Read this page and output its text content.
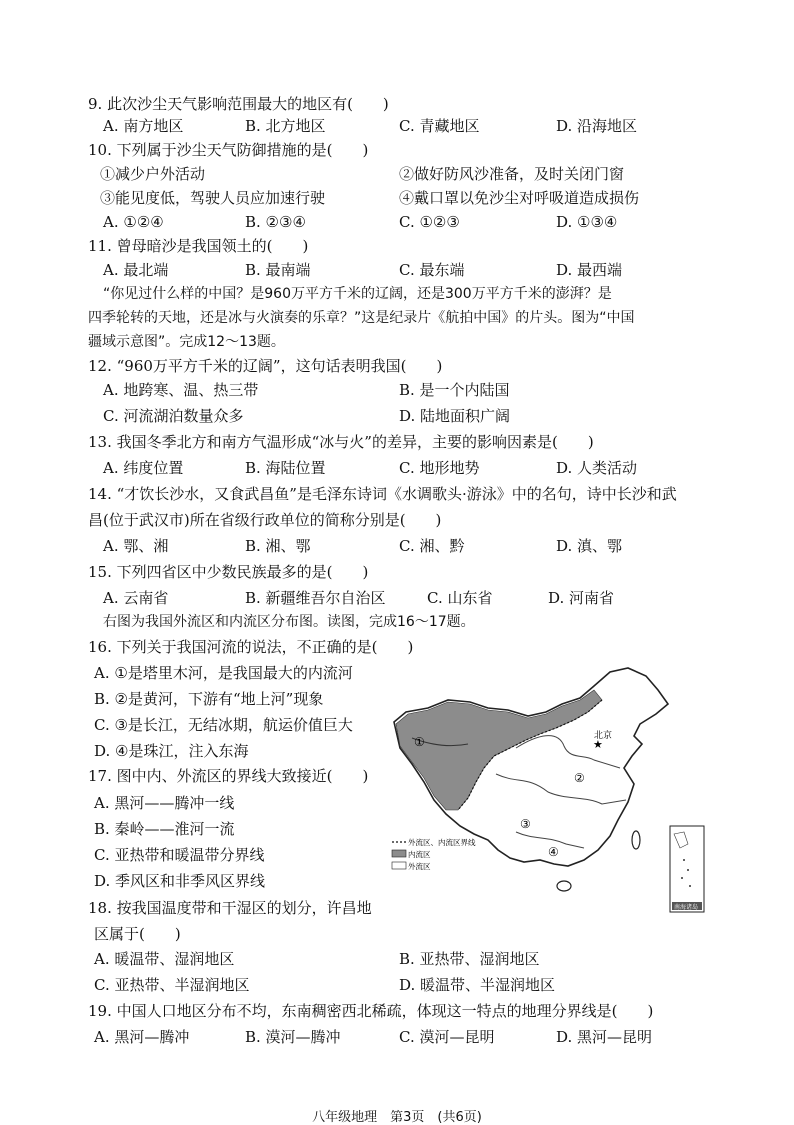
9. 此次沙尘天气影响范围最大的地区有(　　)
A. 南方地区	B. 北方地区	C. 青藏地区	D. 沿海地区
10. 下列属于沙尘天气防御措施的是(　　)
①减少户外活动	②做好防风沙准备，及时关闭门窗
③能见度低，驾驶人员应加速行驶	④戴口罩以免沙尘对呼吸道造成损伤
A. ①②④	B. ②③④	C. ①②③	D. ①③④
11. 曾母暗沙是我国领土的(　　)
A. 最北端	B. 最南端	C. 最东端	D. 最西端
“你见过什么样的中国？是960万平方千米的辽阔，还是300万平方千米的澎湃？是
四季轮转的天地，还是冰与火演奏的乐章？”这是纪录片《航拍中国》的片头。图为“中国
疆域示意图”。完成12～13题。
12. “960万平方千米的辽阔”，这句话表明我国(　　)
A. 地跨寒、温、热三带	B. 是一个内陆国
C. 河流湖泊数量众多	D. 陆地面积广阔
13. 我国冬季北方和南方气温形成“冰与火”的差异，主要的影响因素是(　　)
A. 纬度位置	B. 海陆位置	C. 地形地势	D. 人类活动
14. “才饮长沙水，又食武昌鱼”是毛泽东诗词《水调歌头·游泳》中的名句，诗中长沙和武
昌(位于武汉市)所在省级行政单位的简称分别是(　　)
A. 鄂、湘	B. 湘、鄂	C. 湘、黔	D. 滇、鄂
15. 下列四省区中少数民族最多的是(　　)
A. 云南省	B. 新疆维吾尔自治区	C. 山东省	D. 河南省
右图为我国外流区和内流区分布图。读图，完成16～17题。
16. 下列关于我国河流的说法，不正确的是(　　)
A. ①是塔里木河，是我国最大的内流河
B. ②是黄河，下游有“地上河”现象
C. ③是长江，无结冰期，航运价值巨大
D. ④是珠江，注入东海
17. 图中内、外流区的界线大致接近(　　)
A. 黑河——腾冲一线
B. 秦岭——淮河一流
C. 亚热带和暖温带分界线
D. 季风区和非季风区界线
18. 按我国温度带和干湿区的划分，许昌地
区属于(　　)
A. 暖温带、湿润地区	B. 亚热带、湿润地区
C. 亚热带、半湿润地区	D. 暖温带、半湿润地区
19. 中国人口地区分布不均，东南稠密西北稀疏，体现这一特点的地理分界线是(　　)
A. 黑河—腾冲	B. 漠河—腾冲	C. 漠河—昆明	D. 黑河—昆明
★
北京
①
②
③
④
外流区、内流区界线
内流区
外流区
南海诸岛
八年级地理　第3页　(共6页)
